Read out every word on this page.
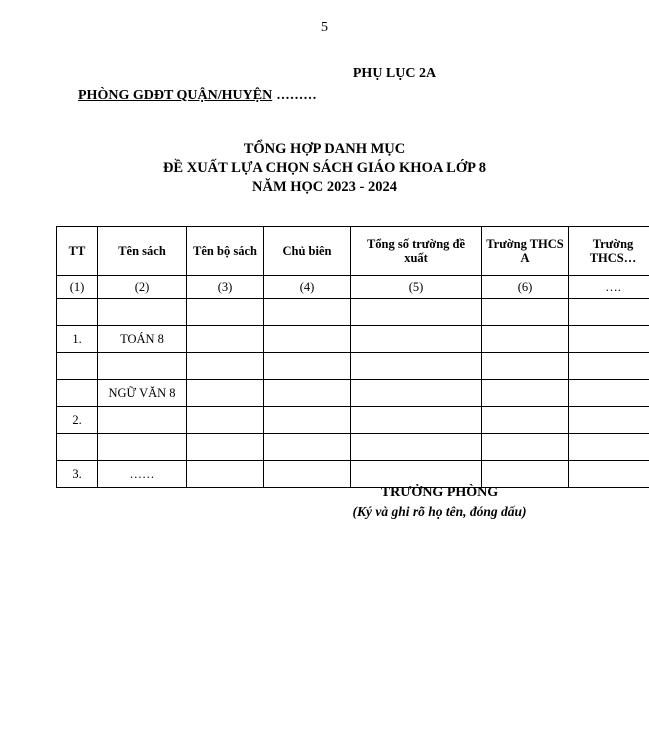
5
PHỤ LỤC 2A
PHÒNG GDĐT QUẬN/HUYỆN .........
TỔNG HỢP DANH MỤC
ĐỀ XUẤT LỰA CHỌN SÁCH GIÁO KHOA LỚP 8
NĂM HỌC 2023 - 2024
TT	Tên sách	Tên bộ sách	Chủ biên	Tổng số trường đề xuất	Trường THCS A	Trường THCS…
(1)	(2)	(3)	(4)	(5)	(6)	….

1.	TOÁN 8					

	NGỮ VĂN 8					
2.						

3.	……					
TRƯỞNG PHÒNG
(Ký và ghi rõ họ tên, đóng dấu)
